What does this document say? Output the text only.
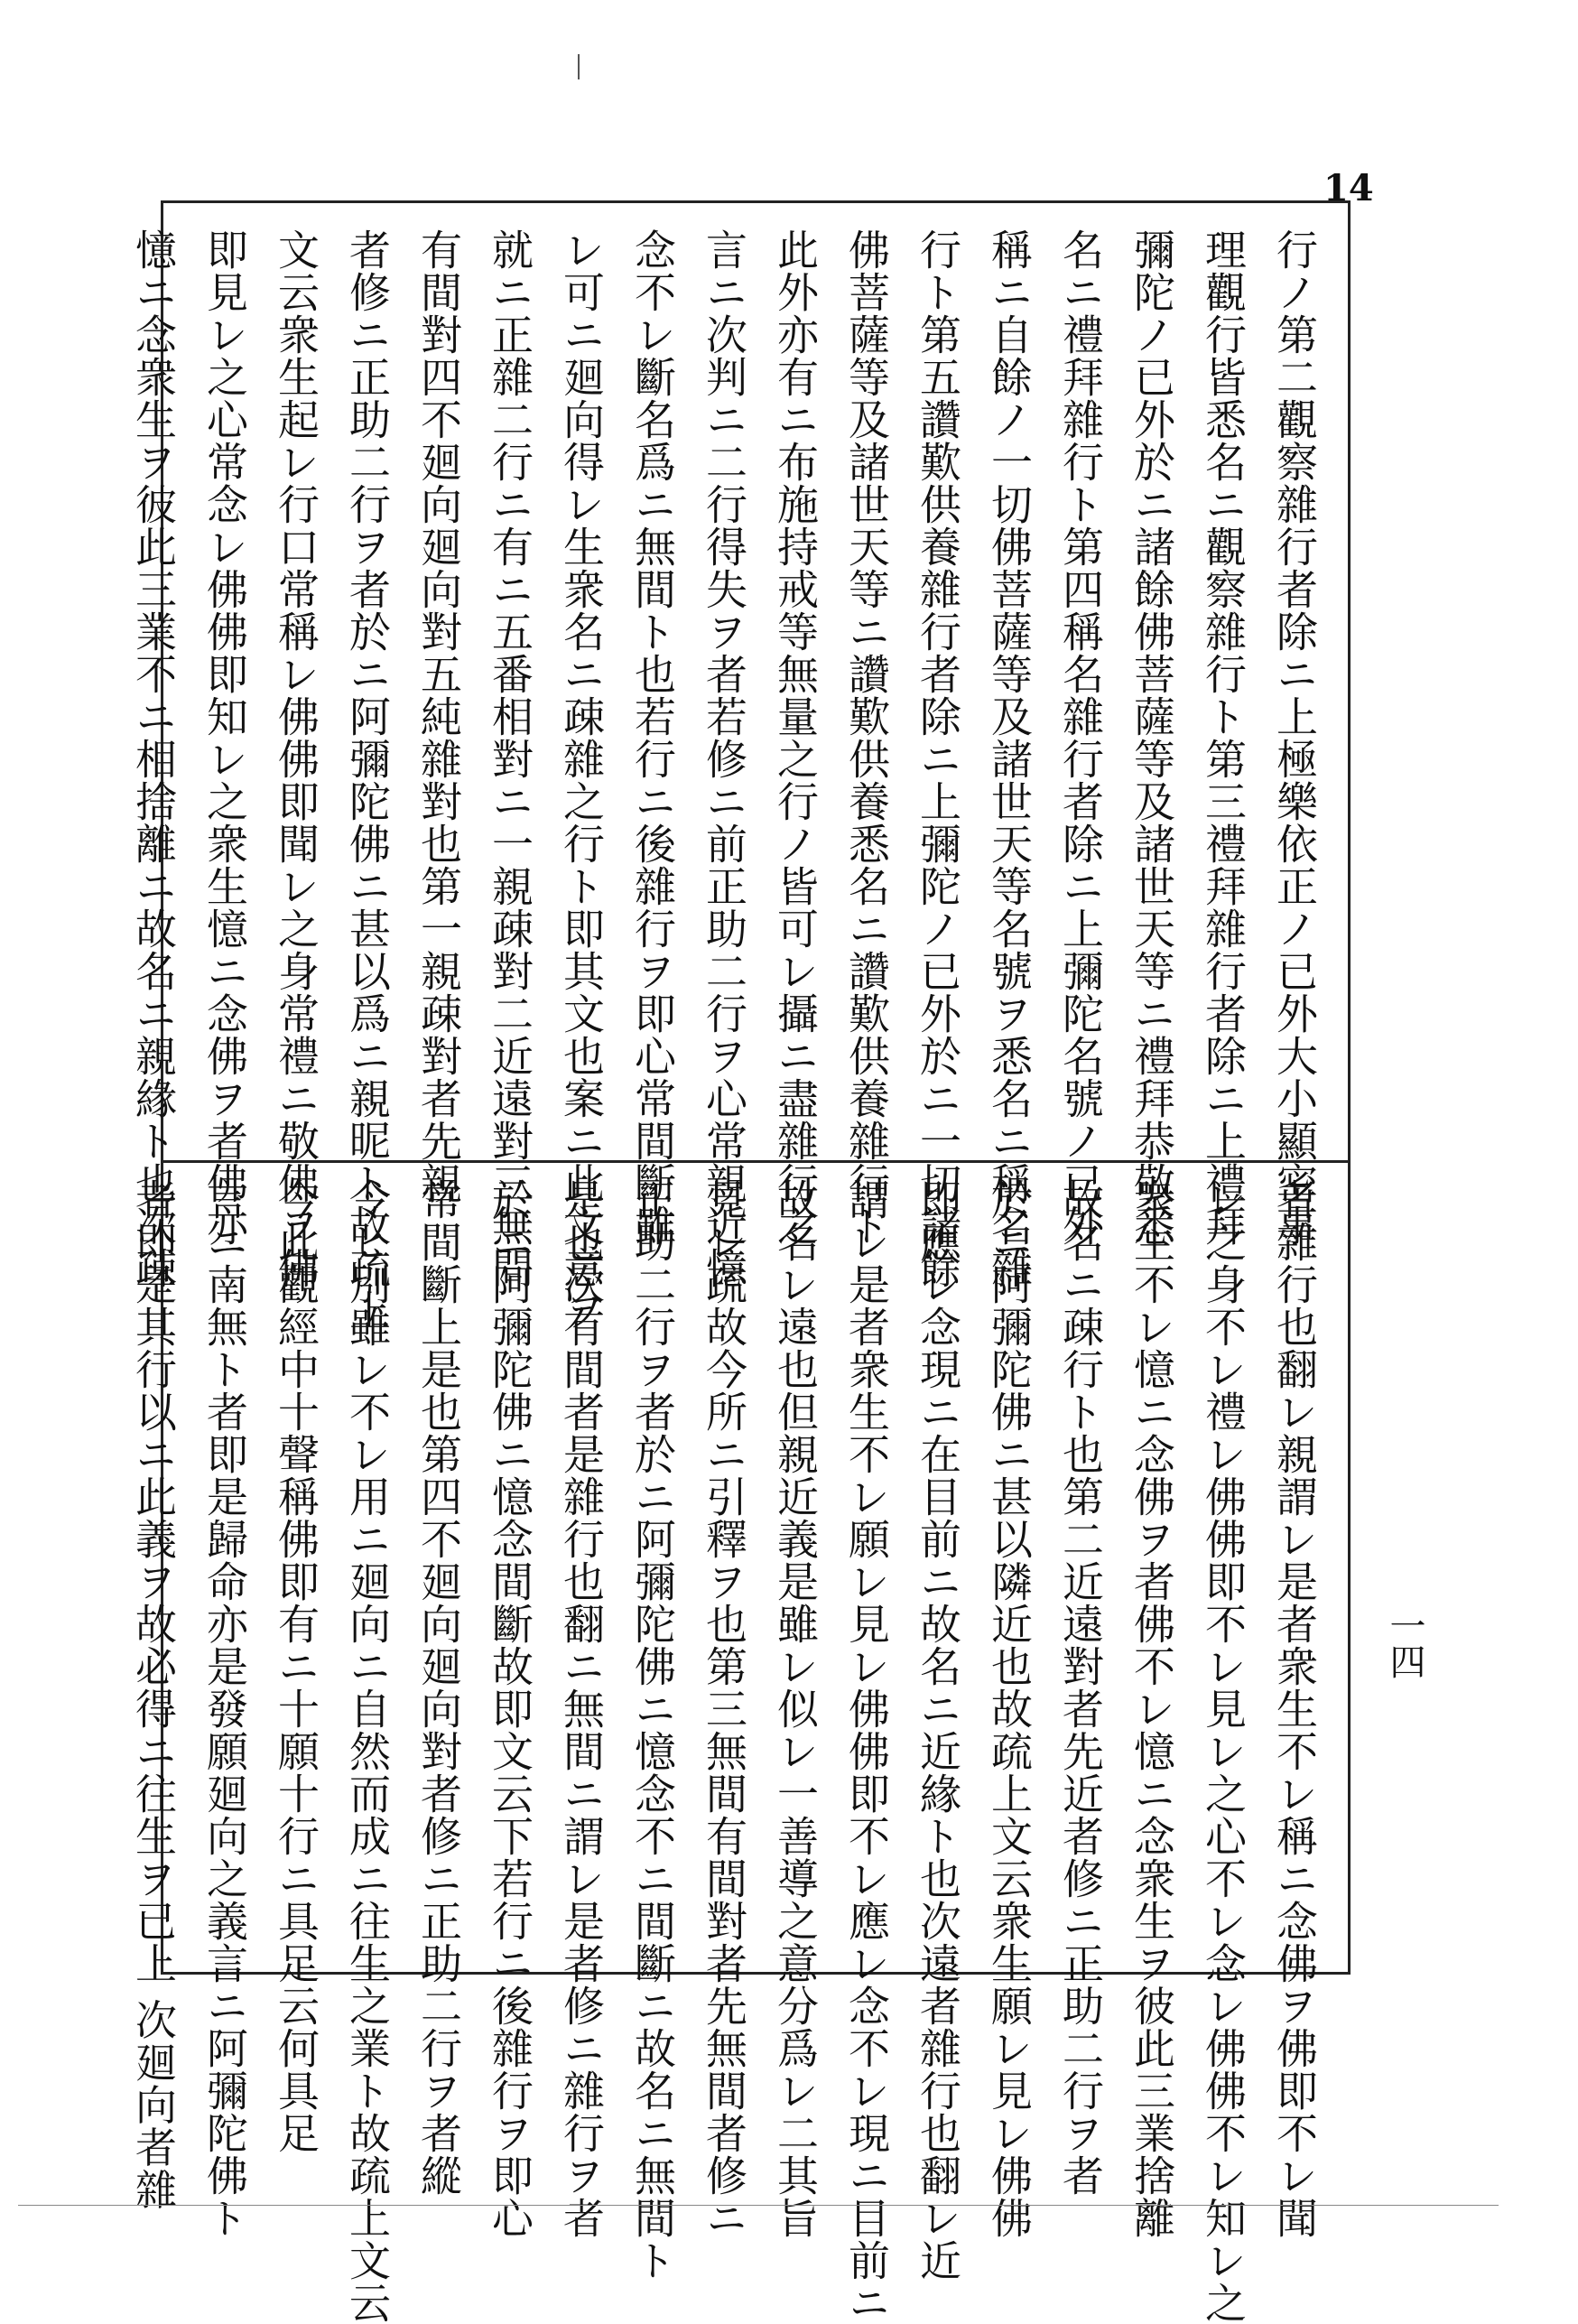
14
行ノ第二觀察雜行者除ニ上極樂依正ノ已外大小顯密事
理觀行皆悉名ニ觀察雜行ト第三禮拜雜行者除ニ上禮拜
彌陀ノ已外於ニ諸餘佛菩薩等及諸世天等ニ禮拜恭敬悉
名ニ禮拜雜行ト第四稱名雜行者除ニ上彌陀名號ノ已外
稱ニ自餘ノ一切佛菩薩等及諸世天等名號ヲ悉名ニ稱名雜
行ト第五讚歎供養雜行者除ニ上彌陀ノ已外於ニ一切諸餘
佛菩薩等及諸世天等ニ讚歎供養悉名ニ讚歎供養雜行ト
此外亦有ニ布施持戒等無量之行ノ皆可レ攝ニ盡雜行之
言ニ次判ニ二行得失ヲ者若修ニ前正助二行ヲ心常親近憶
念不レ斷名爲ニ無間ト也若行ニ後雜行ヲ即心常間斷雖
レ可ニ廻向得レ生衆名ニ疎雜之行ト即其文也案ニ此文意ヲ
就ニ正雜二行ニ有ニ五番相對ニ一親疎對二近遠對三無間
有間對四不廻向廻向對五純雜對也第一親疎對者先親
者修ニ正助二行ヲ者於ニ阿彌陀佛ニ甚以爲ニ親昵ト故疏上
文云衆生起レ行口常稱レ佛佛即聞レ之身常禮ニ敬佛ヲ佛
即見レ之心常念レ佛佛即知レ之衆生憶ニ念佛ヲ者佛亦
憶ニ念衆生ヲ彼此三業不ニ相捨離ニ故名ニ親緣ト也次疎
者雜行也翻レ親謂レ是者衆生不レ稱ニ念佛ヲ佛即不レ聞
レ之身不レ禮レ佛佛即不レ見レ之心不レ念レ佛佛不レ知レ之
衆生不レ憶ニ念佛ヲ者佛不レ憶ニ念衆生ヲ彼此三業捨離
故名ニ疎行ト也第二近遠對者先近者修ニ正助二行ヲ者
於ニ阿彌陀佛ニ甚以隣近也故疏上文云衆生願レ見レ佛佛
即應レ念現ニ在目前ニ故名ニ近緣ト也次遠者雜行也翻レ近
謂レ是者衆生不レ願レ見レ佛佛即不レ應レ念不レ現ニ目前ニ
故名レ遠也但親近義是雖レ似レ一善導之意分爲レ二其旨
見レ疏故今所ニ引釋ヲ也第三無間有間對者先無間者修ニ
正助二行ヲ者於ニ阿彌陀佛ニ憶念不ニ間斷ニ故名ニ無間ト
是也次有間者是雜行也翻ニ無間ニ謂レ是者修ニ雜行ヲ者
於ニ阿彌陀佛ニ憶念間斷故即文云下若行ニ後雜行ヲ即心
常間斷上是也第四不廻向廻向對者修ニ正助二行ヲ者縱
令ヒ別雖レ不レ用ニ廻向ニ自然而成ニ往生之業ト故疏上文云
今此觀經中十聲稱佛即有ニ十願十行ニ具足云何具足
言ニ南無ト者即是歸命亦是發願廻向之義言ニ阿彌陀佛ト
者即是其行以ニ此義ヲ故必得ニ往生ヲ已上 次廻向者雜	一四
